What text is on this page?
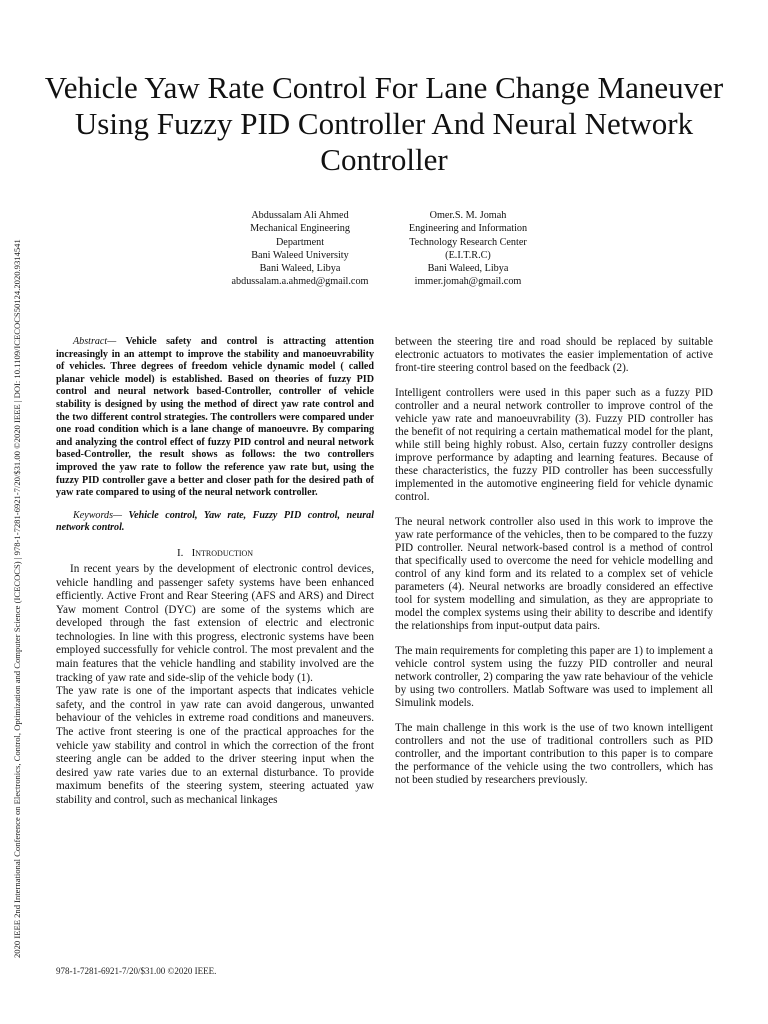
2020 IEEE 2nd International Conference on Electronics, Control, Optimization and Computer Science (ICECOCS) | 978-1-7281-6921-7/20/$31.00 ©2020 IEEE | DOI: 10.1109/ICECOCS50124.2020.9314541
Vehicle Yaw Rate Control For Lane Change Maneuver Using Fuzzy PID Controller And Neural Network Controller
Abdussalam Ali Ahmed
Mechanical Engineering
Department
Bani Waleed University
Bani Waleed, Libya
abdussalam.a.ahmed@gmail.com
Omer.S. M. Jomah
Engineering and Information
Technology Research Center
(E.I.T.R.C)
Bani Waleed, Libya
immer.jomah@gmail.com

Abstract— Vehicle safety and control is attracting attention increasingly in an attempt to improve the stability and manoeuvrability of vehicles. Three degrees of freedom vehicle dynamic model ( called planar vehicle model) is established. Based on theories of fuzzy PID control and neural network based-Controller, controller of vehicle stability is designed by using the method of direct yaw rate control and the two different control strategies. The controllers were compared under one road condition which is a lane change of manoeuvre. By comparing and analyzing the control effect of fuzzy PID control and neural network based-Controller, the result shows as follows: the two controllers improved the yaw rate to follow the reference yaw rate but, using the fuzzy PID controller gave a better and closer path for the desired path of yaw rate compared to using of the neural network controller.

Keywords— Vehicle control, Yaw rate, Fuzzy PID control, neural network control.

I. Introduction

In recent years by the development of electronic control devices, vehicle handling and passenger safety systems have been enhanced efficiently. Active Front and Rear Steering (AFS and ARS) and Direct Yaw moment Control (DYC) are some of the systems which are developed through the fast extension of electric and electronic technologies. In line with this progress, electronic systems have been employed successfully for vehicle control. The most prevalent and the main features that the vehicle handling and stability involved are the tracking of yaw rate and side-slip of the vehicle body (1).

The yaw rate is one of the important aspects that indicates vehicle safety, and the control in yaw rate can avoid dangerous, unwanted behaviour of the vehicles in extreme road conditions and maneuvers. The active front steering is one of the practical approaches for the vehicle yaw stability and control in which the correction of the front steering angle can be added to the driver steering input when the desired yaw rate varies due to an external disturbance. To provide maximum benefits of the steering system, steering actuated yaw stability and control, such as mechanical linkages

between the steering tire and road should be replaced by suitable electronic actuators to motivates the easier implementation of active front-tire steering control based on the feedback (2).

Intelligent controllers were used in this paper such as a fuzzy PID controller and a neural network controller to improve control of the vehicle yaw rate and manoeuvrability (3). Fuzzy PID controller has the benefit of not requiring a certain mathematical model for the plant, while still being highly robust. Also, certain fuzzy controller designs improve performance by adapting and learning features. Because of these characteristics, the fuzzy PID controller has been successfully implemented in the automotive engineering field for vehicle dynamic control.

The neural network controller also used in this work to improve the yaw rate performance of the vehicles, then to be compared to the fuzzy PID controller. Neural network-based control is a method of control that specifically used to overcome the need for vehicle modelling and control of any kind form and its related to a complex set of vehicle parameters (4). Neural networks are broadly considered an effective tool for system modelling and simulation, as they are appropriate to model the complex systems using their ability to describe and identify the relationships from input-output data pairs.

The main requirements for completing this paper are 1) to implement a vehicle control system using the fuzzy PID controller and neural network controller, 2) comparing the yaw rate behaviour of the vehicle by using two controllers. Matlab Software was used to implement all Simulink models.

The main challenge in this work is the use of two known intelligent controllers and not the use of traditional controllers such as PID controller, and the important contribution to this paper is to compare the performance of the vehicle using the two controllers, which has not been studied by researchers previously.

978-1-7281-6921-7/20/$31.00 ©2020 IEEE.
